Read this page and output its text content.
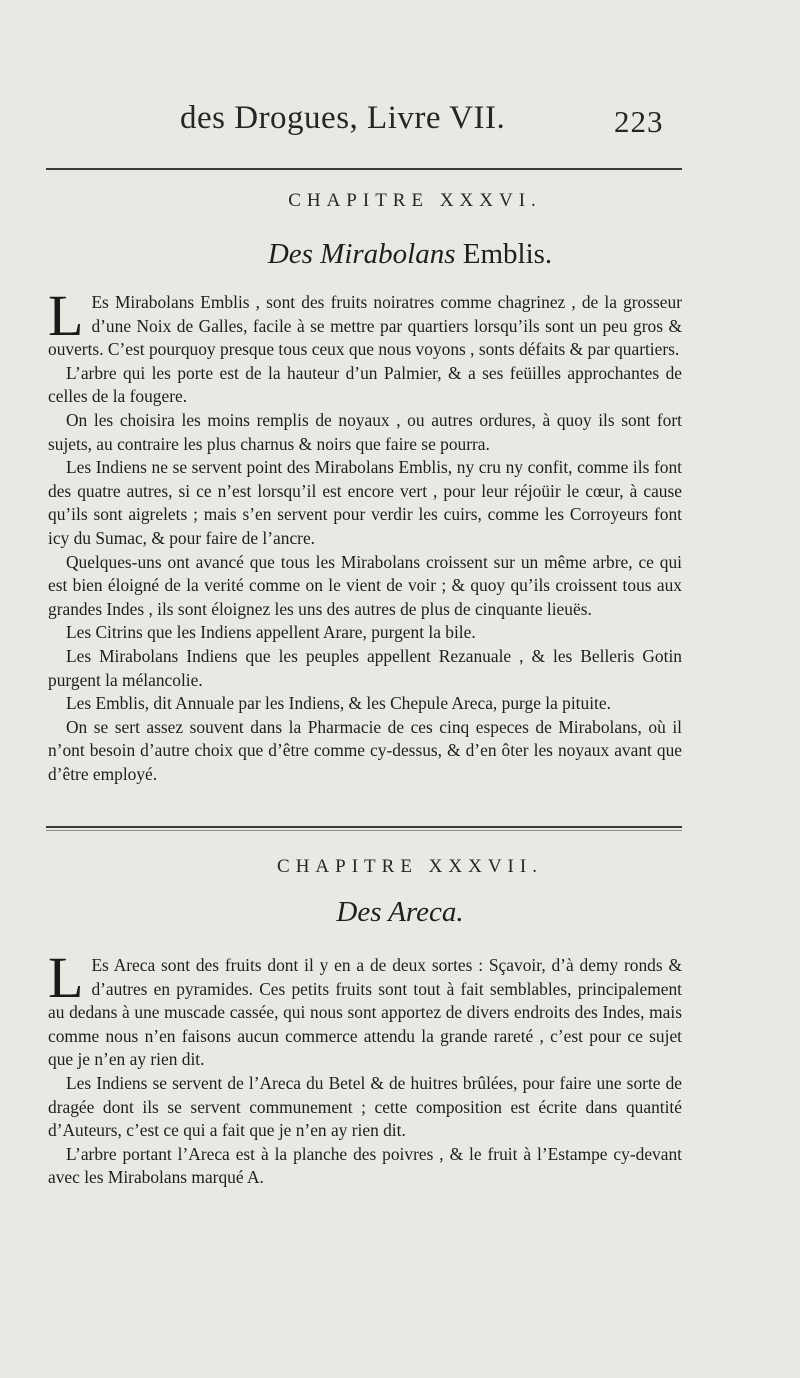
des Drogues, Livre VII.	223
CHAPITRE XXXVI.
Des Mirabolans Emblis.

L Es Mirabolans Emblis , sont des fruits noiratres comme chagrinez , de la grosseur d’une Noix de Galles, facile à se mettre par quartiers lorsqu’ils sont un peu gros & ouverts. C’est pourquoy presque tous ceux que nous voyons , sonts défaits & par quartiers.

L’arbre qui les porte est de la hauteur d’un Palmier, & a ses feüilles approchantes de celles de la fougere.

On les choisira les moins remplis de noyaux , ou autres ordures, à quoy ils sont fort sujets, au contraire les plus charnus & noirs que faire se pourra.

Les Indiens ne se servent point des Mirabolans Emblis, ny cru ny confit, comme ils font des quatre autres, si ce n’est lorsqu’il est encore vert , pour leur réjoüir le cœur, à cause qu’ils sont aigrelets ; mais s’en servent pour verdir les cuirs, comme les Corroyeurs font icy du Sumac, & pour faire de l’ancre.

Quelques-uns ont avancé que tous les Mirabolans croissent sur un même arbre, ce qui est bien éloigné de la verité comme on le vient de voir ; & quoy qu’ils croissent tous aux grandes Indes , ils sont éloignez les uns des autres de plus de cinquante lieuës.

Les Citrins que les Indiens appellent Arare, purgent la bile.

Les Mirabolans Indiens que les peuples appellent Rezanuale , & les Belleris Gotin purgent la mélancolie.

Les Emblis, dit Annuale par les Indiens, & les Chepule Areca, purge la pituite.

On se sert assez souvent dans la Pharmacie de ces cinq especes de Mirabolans, où il n’ont besoin d’autre choix que d’être comme cy-dessus, & d’en ôter les noyaux avant que d’être employé.

CHAPITRE XXXVII.
Des Areca.

L Es Areca sont des fruits dont il y en a de deux sortes : Sçavoir, d’à demy ronds & d’autres en pyramides. Ces petits fruits sont tout à fait semblables, principalement au dedans à une muscade cassée, qui nous sont apportez de divers endroits des Indes, mais comme nous n’en faisons aucun commerce attendu la grande rareté , c’est pour ce sujet que je n’en ay rien dit.

Les Indiens se servent de l’Areca du Betel & de huitres brûlées, pour faire une sorte de dragée dont ils se servent communement ; cette composition est écrite dans quantité d’Auteurs, c’est ce qui a fait que je n’en ay rien dit.

L’arbre portant l’Areca est à la planche des poivres , & le fruit à l’Estampe cy-devant avec les Mirabolans marqué A.
